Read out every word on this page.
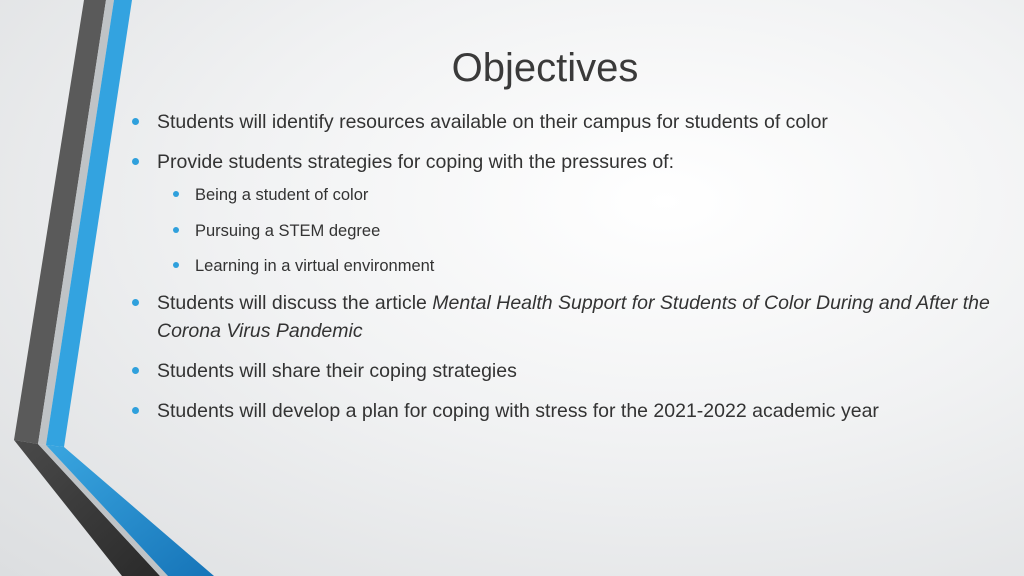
Objectives
Students will identify resources available on their campus for students of color
Provide students strategies for coping with the pressures of:
Being a student of color
Pursuing a STEM degree
Learning in a virtual environment
Students will discuss the article Mental Health Support for Students of Color During and After the Corona Virus Pandemic
Students will share their coping strategies
Students will develop a plan for coping with stress for the 2021-2022 academic year
